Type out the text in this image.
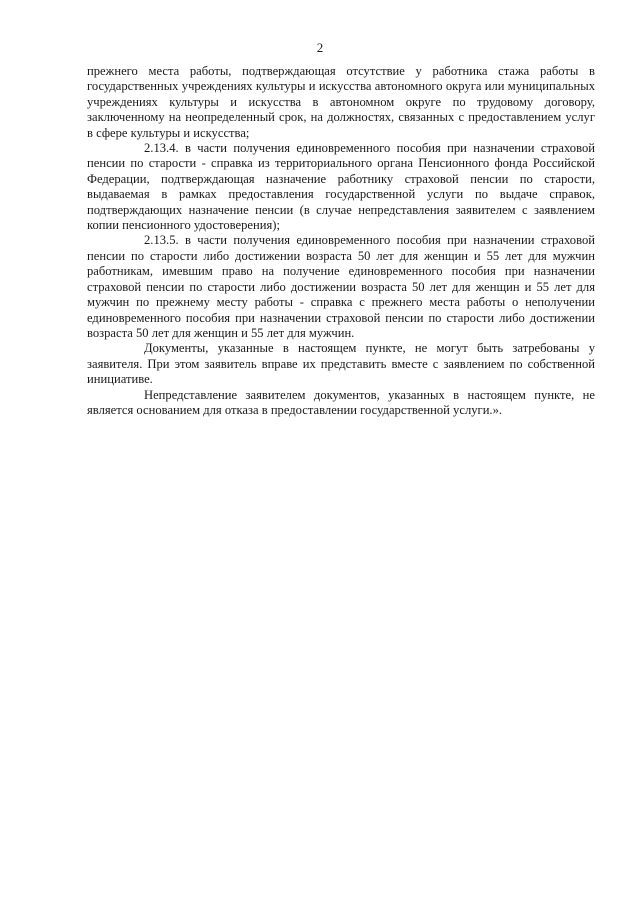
2

прежнего места работы, подтверждающая отсутствие у работника стажа работы в государственных учреждениях культуры и искусства автономного округа или муниципальных учреждениях культуры и искусства в автономном округе по трудовому договору, заключенному на неопределенный срок, на должностях, связанных с предоставлением услуг в сфере культуры и искусства;

2.13.4. в части получения единовременного пособия при назначении страховой пенсии по старости - справка из территориального органа Пенсионного фонда Российской Федерации, подтверждающая назначение работнику страховой пенсии по старости, выдаваемая в рамках предоставления государственной услуги по выдаче справок, подтверждающих назначение пенсии (в случае непредставления заявителем с заявлением копии пенсионного удостоверения);

2.13.5. в части получения единовременного пособия при назначении страховой пенсии по старости либо достижении возраста 50 лет для женщин и 55 лет для мужчин работникам, имевшим право на получение единовременного пособия при назначении страховой пенсии по старости либо достижении возраста 50 лет для женщин и 55 лет для мужчин по прежнему месту работы - справка с прежнего места работы о неполучении единовременного пособия при назначении страховой пенсии по старости либо достижении возраста 50 лет для женщин и 55 лет для мужчин.

Документы, указанные в настоящем пункте, не могут быть затребованы у заявителя. При этом заявитель вправе их представить вместе с заявлением по собственной инициативе.

Непредставление заявителем документов, указанных в настоящем пункте, не является основанием для отказа в предоставлении государственной услуги.».
